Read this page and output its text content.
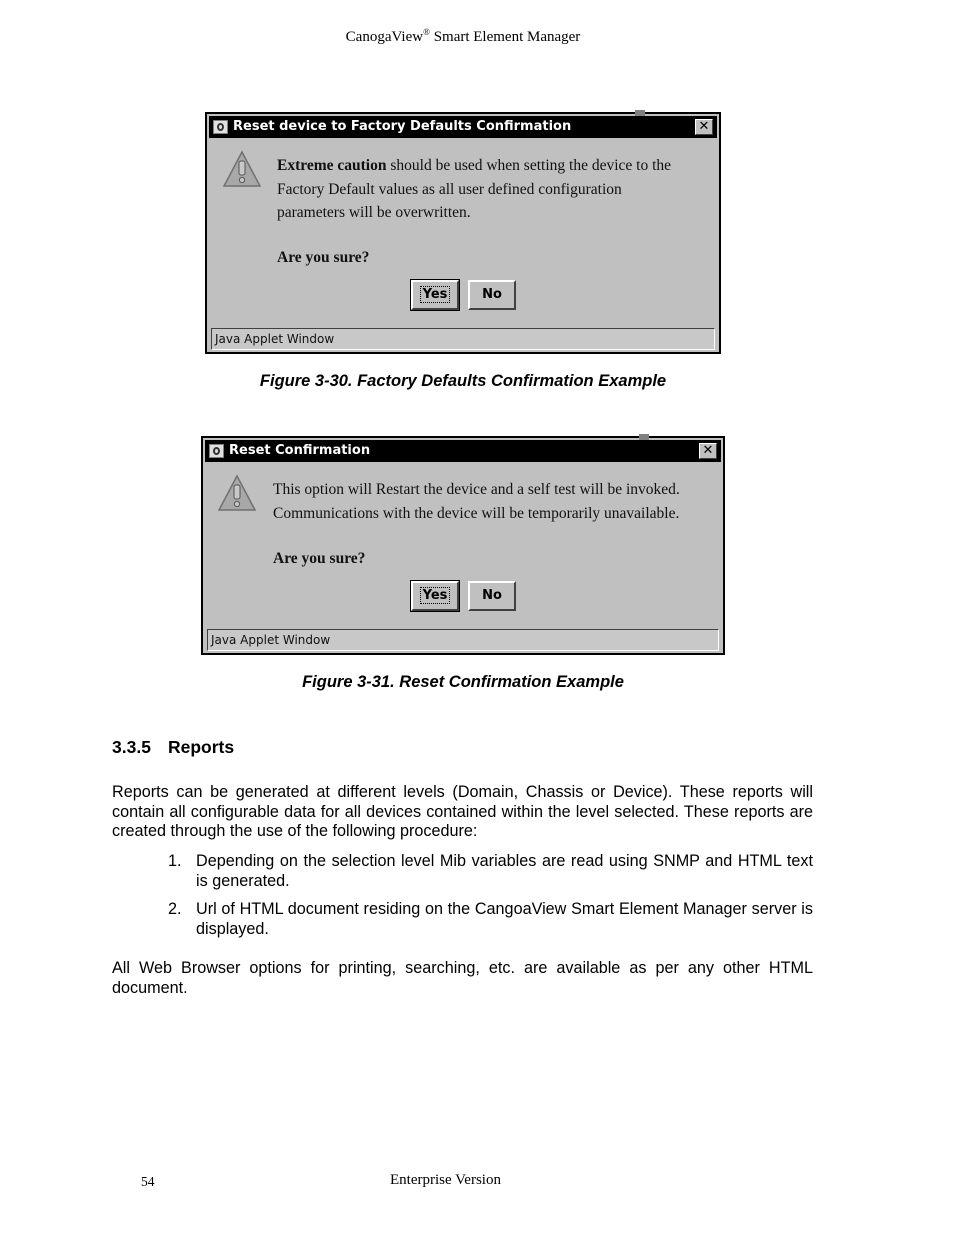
CanogaView® Smart Element Manager
Reset device to Factory Defaults Confirmation	✕
Extreme caution should be used when setting the device to the
Factory Default values as all user defined configuration
parameters will be overwritten.
Are you sure?
Yes	No
Java Applet Window
Figure 3-30. Factory Defaults Confirmation Example
Reset Confirmation	✕
This option will Restart the device and a self test will be invoked.
Communications with the device will be temporarily unavailable.
Are you sure?
Yes	No
Java Applet Window
Figure 3-31. Reset Confirmation Example
3.3.5 Reports

Reports can be generated at different levels (Domain, Chassis or Device). These reports will contain all configurable data for all devices contained within the level selected. These reports are created through the use of the following procedure:

1. Depending on the selection level Mib variables are read using SNMP and HTML text is generated.
2. Url of HTML document residing on the CangoaView Smart Element Manager server is displayed.

All Web Browser options for printing, searching, etc. are available as per any other HTML document.

54	Enterprise Version
